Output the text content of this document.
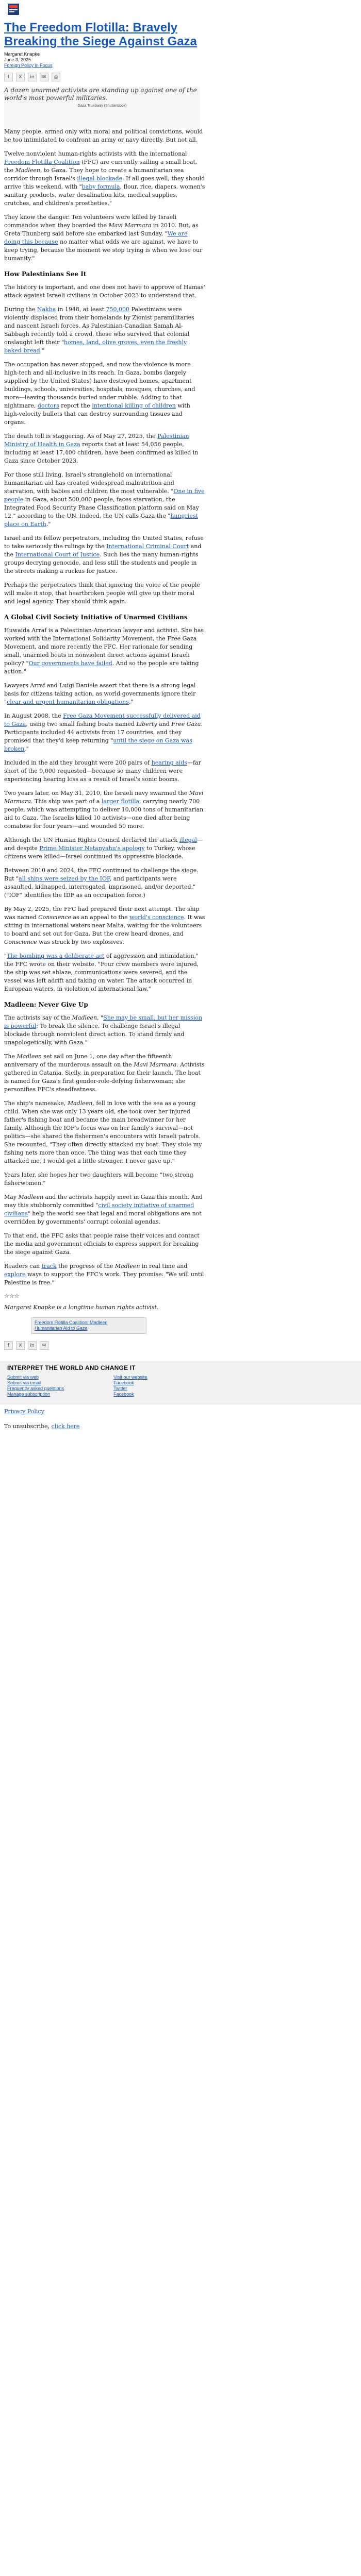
The Freedom Flotilla: Bravely Breaking the Siege Against Gaza
Margaret Knapke
June 3, 2025
Foreign Policy in Focus
f	X	in	✉	⎙
A dozen unarmed activists are standing up against one of the world's most powerful militaries.
Gaza Truebway (Shutterstock)

Many people, armed only with moral and political convictions, would be too intimidated to confront an army or navy directly. But not all.

Twelve nonviolent human-rights activists with the international Freedom Flotilla Coalition (FFC) are currently sailing a small boat, the Madleen, to Gaza. They hope to create a humanitarian sea corridor through Israel's illegal blockade. If all goes well, they should arrive this weekend, with "baby formula, flour, rice, diapers, women's sanitary products, water desalination kits, medical supplies, crutches, and children's prostheties."

They know the danger. Ten volunteers were killed by Israeli commandos when they boarded the Mavi Marmara in 2010. But, as Greta Thunberg said before she embarked last Sunday, "We are doing this because no matter what odds we are against, we have to keep trying, because the moment we stop trying is when we lose our humanity."

How Palestinians See It

The history is important, and one does not have to approve of Hamas' attack against Israeli civilians in October 2023 to understand that.

During the Nakba in 1948, at least 750,000 Palestinians were violently displaced from their homelands by Zionist paramilitaries and nascent Israeli forces. As Palestinian-Canadian Samah Al-Sabbagh recently told a crowd, those who survived that colonial onslaught left their "homes, land, olive groves, even the freshly baked bread."

The occupation has never stopped, and now the violence is more high-tech and all-inclusive in its reach. In Gaza, bombs (largely supplied by the United States) have destroyed homes, apartment buildings, schools, universities, hospitals, mosques, churches, and more—leaving thousands buried under rubble. Adding to that nightmare, doctors report the intentional killing of children with high-velocity bullets that can destroy surrounding tissues and organs.

The death toll is staggering. As of May 27, 2025, the Palestinian Ministry of Health in Gaza reports that at least 54,056 people, including at least 17,400 children, have been confirmed as killed in Gaza since October 2023.

For those still living, Israel's stranglehold on international humanitarian aid has created widespread malnutrition and starvation, with babies and children the most vulnerable. "One in five people in Gaza, about 500,000 people, faces starvation, the Integrated Food Security Phase Classification platform said on May 12," according to the UN. Indeed, the UN calls Gaza the "hungriest place on Earth."

Israel and its fellow perpetrators, including the United States, refuse to take seriously the rulings by the International Criminal Court and the International Court of Justice. Such lies the many human-rights groups decrying genocide, and less still the students and people in the streets making a ruckus for justice.

Perhaps the perpetrators think that ignoring the voice of the people will make it stop, that heartbroken people will give up their moral and legal agency. They should think again.

A Global Civil Society Initiative of Unarmed Civilians

Huwaida Arraf is a Palestinian-American lawyer and activist. She has worked with the International Solidarity Movement, the Free Gaza Movement, and more recently the FFC. Her rationale for sending small, unarmed boats in nonviolent direct actions against Israeli policy? "Our governments have failed. And so the people are taking action."

Lawyers Arraf and Luigi Daniele assert that there is a strong legal basis for citizens taking action, as world governments ignore their "clear and urgent humanitarian obligations."

In August 2008, the Free Gaza Movement successfully delivered aid to Gaza, using two small fishing boats named Liberty and Free Gaza. Participants included 44 activists from 17 countries, and they promised that they'd keep returning "until the siege on Gaza was broken."

Included in the aid they brought were 200 pairs of hearing aids—far short of the 9,000 requested—because so many children were experiencing hearing loss as a result of Israel's sonic booms.

Two years later, on May 31, 2010, the Israeli navy swarmed the Mavi Marmara. This ship was part of a larger flotilla, carrying nearly 700 people, which was attempting to deliver 10,000 tons of humanitarian aid to Gaza. The Israelis killed 10 activists—one died after being comatose for four years—and wounded 50 more.

Although the UN Human Rights Council declared the attack illegal—and despite Prime Minister Netanyahu's apology to Turkey, whose citizens were killed—Israel continued its oppressive blockade.

Between 2010 and 2024, the FFC continued to challenge the siege. But "all ships were seized by the IOF, and participants were assaulted, kidnapped, interrogated, imprisoned, and/or deported." ("IOF" identifies the IDF as an occupation force.)

By May 2, 2025, the FFC had prepared their next attempt. The ship was named Conscience as an appeal to the world's conscience. It was sitting in international waters near Malta, waiting for the volunteers to board and set out for Gaza. But the crew heard drones, and Conscience was struck by two explosives.

"The bombing was a deliberate act of aggression and intimidation," the FFC wrote on their website. "Four crew members were injured, the ship was set ablaze, communications were severed, and the vessel was left adrift and taking on water. The attack occurred in European waters, in violation of international law."

Madleen: Never Give Up

The activists say of the Madleen, "She may be small, but her mission is powerful: To break the silence. To challenge Israel's illegal blockade through nonviolent direct action. To stand firmly and unapologetically, with Gaza."

The Madleen set sail on June 1, one day after the fifteenth anniversary of the murderous assault on the Mavi Marmara. Activists gathered in Catania, Sicily, in preparation for their launch. The boat is named for Gaza's first gender-role-defying fisherwoman; she personifies FFC's steadfastness.

The ship's namesake, Madleen, fell in love with the sea as a young child. When she was only 13 years old, she took over her injured father's fishing boat and became the main breadwinner for her family. Although the IOF's focus was on her family's survival—not politics—she shared the fishermen's encounters with Israeli patrols. She recounted, "They often directly attacked my boat. They stole my fishing nets more than once. The thing was that each time they attacked me, I would get a little stronger. I never gave up."

Years later, she hopes her two daughters will become "two strong fisherwomen."

May Madleen and the activists happily meet in Gaza this month. And may this stubbornly committed "civil society initiative of unarmed civilians" help the world see that legal and moral obligations are not overridden by governments' corrupt colonial agendas.

To that end, the FFC asks that people raise their voices and contact the media and government officials to express support for breaking the siege against Gaza.

Readers can track the progress of the Madleen in real time and explore ways to support the FFC's work. They promise: "We will until Palestine is free."

☆☆☆
Margaret Knapke is a longtime human rights activist.
Freedom Flotilla Coalition: Madleen
Humanitarian Aid to Gaza
f	X	in	✉
INTERPRET THE WORLD AND CHANGE IT
Submit via web
Submit via email
Frequently asked questions
Manage subscription
Visit our website
Facebook
Twitter
Facebook
Privacy Policy
To unsubscribe, click here
